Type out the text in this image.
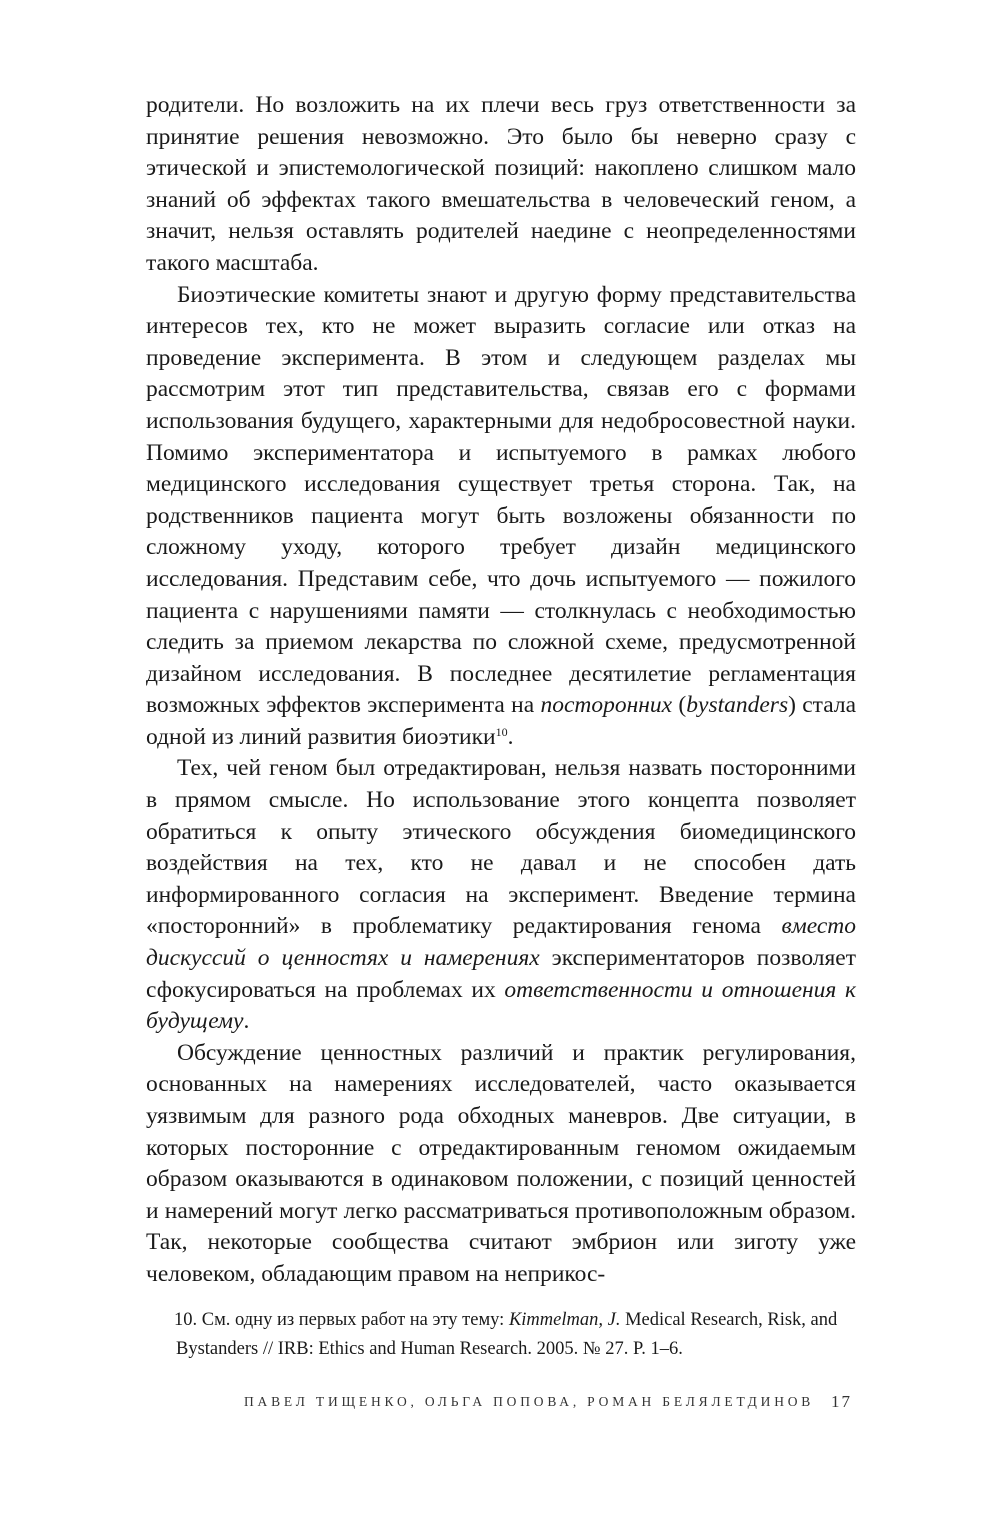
родители. Но возложить на их плечи весь груз ответственности за принятие решения невозможно. Это было бы неверно сразу с этической и эпистемологической позиций: накоплено слишком мало знаний об эффектах такого вмешательства в человеческий геном, а значит, нельзя оставлять родителей наедине с неопределенностями такого масштаба.

Биоэтические комитеты знают и другую форму представительства интересов тех, кто не может выразить согласие или отказ на проведение эксперимента. В этом и следующем разделах мы рассмотрим этот тип представительства, связав его с формами использования будущего, характерными для недобросовестной науки. Помимо экспериментатора и испытуемого в рамках любого медицинского исследования существует третья сторона. Так, на родственников пациента могут быть возложены обязанности по сложному уходу, которого требует дизайн медицинского исследования. Представим себе, что дочь испытуемого — пожилого пациента с нарушениями памяти — столкнулась с необходимостью следить за приемом лекарства по сложной схеме, предусмотренной дизайном исследования. В последнее десятилетие регламентация возможных эффектов эксперимента на посторонних (bystanders) стала одной из линий развития биоэтики$^{10}$.

Тех, чей геном был отредактирован, нельзя назвать посторонними в прямом смысле. Но использование этого концепта позволяет обратиться к опыту этического обсуждения биомедицинского воздействия на тех, кто не давал и не способен дать информированного согласия на эксперимент. Введение термина «посторонний» в проблематику редактирования генома вместо дискуссий о ценностях и намерениях экспериментаторов позволяет сфокусироваться на проблемах их ответственности и отношения к будущему.

Обсуждение ценностных различий и практик регулирования, основанных на намерениях исследователей, часто оказывается уязвимым для разного рода обходных маневров. Две ситуации, в которых посторонние с отредактированным геномом ожидаемым образом оказываются в одинаковом положении, с позиций ценностей и намерений могут легко рассматриваться противоположным образом. Так, некоторые сообщества считают эмбрион или зиготу уже человеком, обладающим правом на неприкос-

10. См. одну из первых работ на эту тему: Kimmelman, J. Medical Research, Risk, and Bystanders // IRB: Ethics and Human Research. 2005. № 27. P. 1–6.
ПАВЕЛ ТИЩЕНКО, ОЛЬГА ПОПОВА, РОМАН БЕЛЯЛЕТДИНОВ 17
